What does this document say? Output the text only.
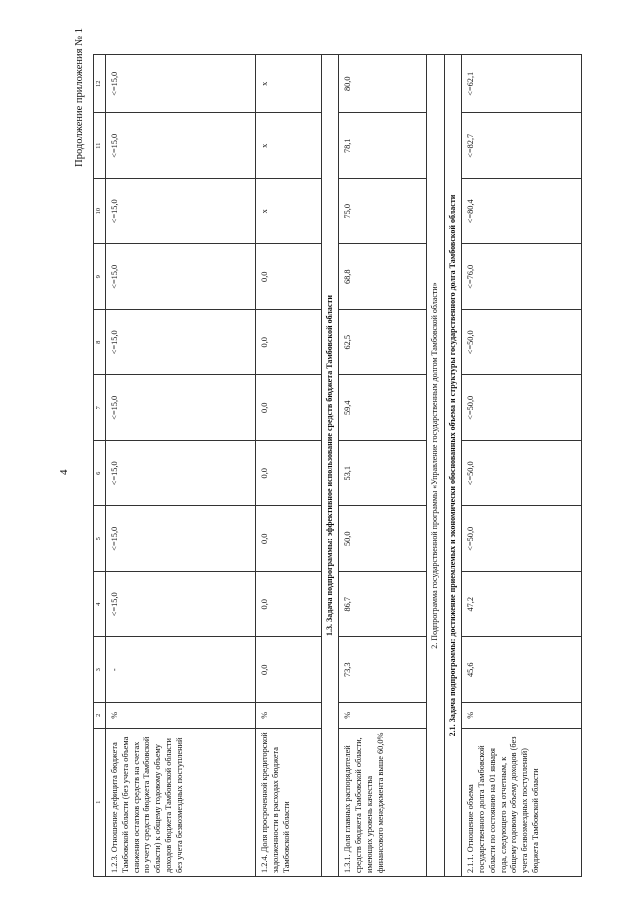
4
Продолжение приложения № 1
1	2	3	4	5	6	7	8	9	10	11	12
1.2.3. Отношение дефицита бюджета Тамбовской области (без учета объема снижения остатков средств на счетах по учету средств бюджета Тамбовской области) к общему годовому объему доходов бюджета Тамбовской области без учета безвозмездных поступлений	%	-	<=15,0	<=15,0	<=15,0	<=15,0	<=15,0	<=15,0	<=15,0	<=15,0	<=15,0
1.2.4. Доля просроченной кредиторской задолженности в расходах бюджета Тамбовской области	%	0,0	0,0	0,0	0,0	0,0	0,0	0,0	x	x	x
1.3. Задача подпрограммы: эффективное использование средств бюджета Тамбовской области											
1.3.1. Доля главных распорядителей средств бюджета Тамбовской области, имеющих уровень качества финансового менеджмента выше 60,0%	%	73,3	86,7	50,0	53,1	59,4	62,5	68,8	75,0	78,1	80,0
2. Подпрограмма государственной программы «Управление государственным долгом Тамбовской области»											
2.1. Задача подпрограммы: достижение приемлемых и экономически обоснованных объема и структуры государственного долга Тамбовской области											
2.1.1. Отношение объема государственного долга Тамбовской области по состоянию на 01 января года, следующего за отчетным, к общему годовому объему доходов (без учета безвозмездных поступлений) бюджета Тамбовской области	%	45,6	47,2	<=50,0	<=50,0	<=50,0	<=50,0	<=76,0	<=80,4	<=82,7	<=62,1
